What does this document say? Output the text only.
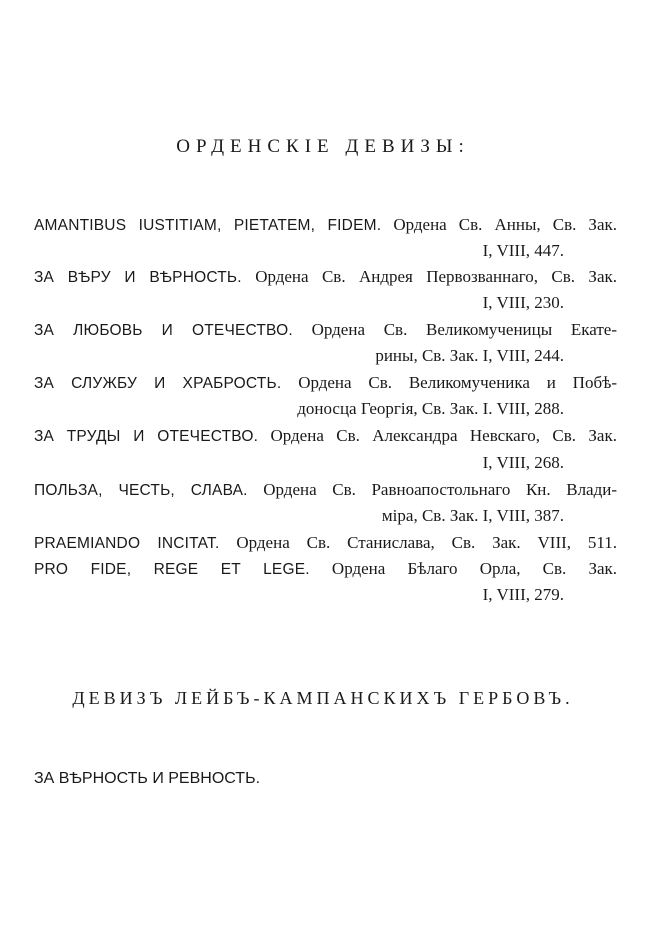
ОРДЕНСКІЕ ДЕВИЗЫ:
AMANTIBUS IUSTITIAM, PIETATEM, FIDEM. Ордена Св. Анны, Св. Зак.
I, VIII, 447.
ЗА ВѢРУ И ВѢРНОСТЬ. Ордена Св. Андрея Первозваннаго, Св. Зак.
I, VIII, 230.
ЗА ЛЮБОВЬ И ОТЕЧЕСТВО. Ордена Св. Великомученицы Екате-
рины, Св. Зак. I, VIII, 244.
ЗА СЛУЖБУ И ХРАБРОСТЬ. Ордена Св. Великомученика и Побѣ-
доносца Георгія, Св. Зак. I. VIII, 288.
ЗА ТРУДЫ И ОТЕЧЕСТВО. Ордена Св. Александра Невскаго, Св. Зак.
I, VIII, 268.
ПОЛЬЗА, ЧЕСТЬ, СЛАВА. Ордена Св. Равноапостольнаго Кн. Влади-
міра, Св. Зак. I, VIII, 387.
PRAEMIANDO INCITAT. Ордена Св. Станислава, Св. Зак. VIII, 511.
PRO FIDE, REGE ET LEGE. Ордена Бѣлаго Орла, Св. Зак.
I, VIII, 279.
ДЕВИЗЪ ЛЕЙБЪ-КАМПАНСКИХЪ ГЕРБОВЪ.
ЗА ВѢРНОСТЬ И РЕВНОСТЬ.
